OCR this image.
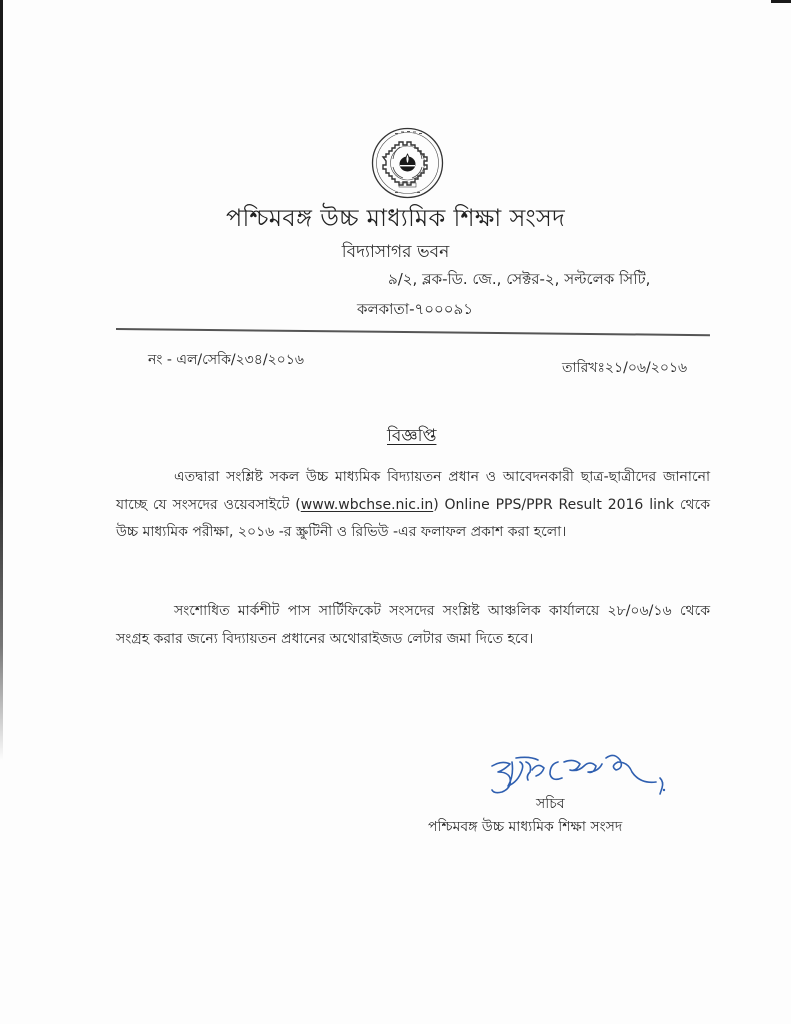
পশ্চিমবঙ্গ উচ্চ মাধ্যমিক শিক্ষা সংসদ
বিদ্যাসাগর ভবন
৯/২, ব্লক-ডি. জে., সেক্টর-২, সল্টলেক সিটি,
কলকাতা-৭০০০৯১
নং - এল/সেকি/২৩৪/২০১৬	তারিখঃ২১/০৬/২০১৬
বিজ্ঞপ্তি
এতদ্বারা সংশ্লিষ্ট সকল উচ্চ মাধ্যমিক বিদ্যায়তন প্রধান ও আবেদনকারী ছাত্র-ছাত্রীদের জানানো যাচ্ছে যে সংসদের ওয়েবসাইটে (www.wbchse.nic.in) Online PPS/PPR Result 2016 link থেকে উচ্চ মাধ্যমিক পরীক্ষা, ২০১৬ -র স্ক্রুটিনী ও রিভিউ -এর ফলাফল প্রকাশ করা হলো।
সংশোধিত মার্কশীট পাস সার্টিফিকেট সংসদের সংশ্লিষ্ট আঞ্চলিক কার্যালয়ে ২৮/০৬/১৬ থেকে সংগ্রহ করার জন্যে বিদ্যায়তন প্রধানের অথোরাইজড লেটার জমা দিতে হবে।
সচিব
পশ্চিমবঙ্গ উচ্চ মাধ্যমিক শিক্ষা সংসদ
